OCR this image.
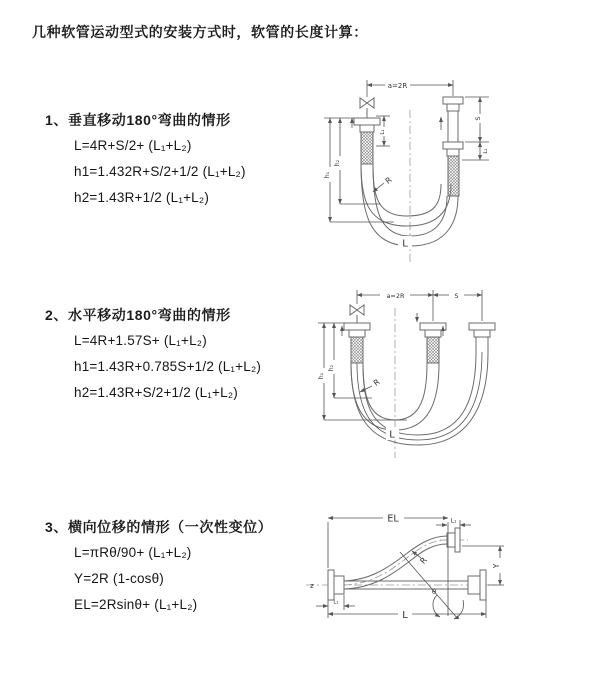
几种软管运动型式的安装方式时，软管的长度计算：
1、垂直移动180°弯曲的情形
L=4R+S/2+ (L₁+L₂)
h1=1.432R+S/2+1/2 (L₁+L₂)
h2=1.43R+1/2 (L₁+L₂)
2、水平移动180°弯曲的情形
L=4R+1.57S+ (L₁+L₂)
h1=1.43R+0.785S+1/2 (L₁+L₂)
h2=1.43R+S/2+1/2 (L₁+L₂)
3、横向位移的情形（一次性变位）
L=πRθ/90+ (L₁+L₂)
Y=2R (1-cosθ)
EL=2Rsinθ+ (L₁+L₂)
a=2R
h₁
h₂
L₁
S
L₁
R
L
a=2R	S
h₁
h₂
R
L
z
θ
EL	L₁
Y
L
L₁
R
